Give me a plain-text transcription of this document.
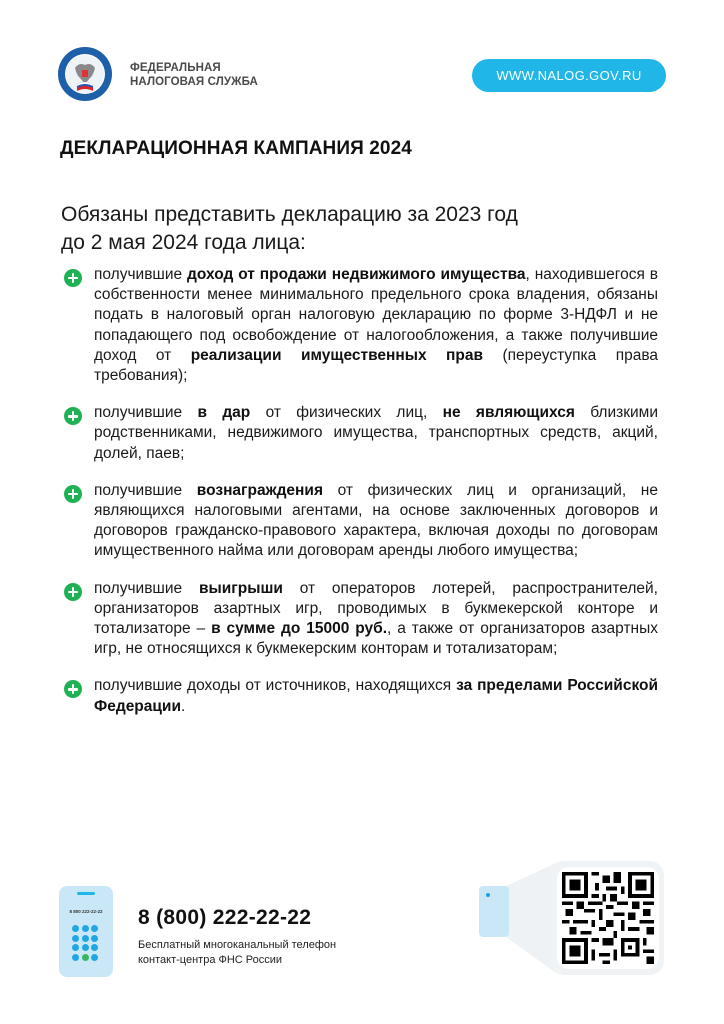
ФЕДЕРАЛЬНАЯ
НАЛОГОВАЯ СЛУЖБА	WWW.NALOG.GOV.RU
ДЕКЛАРАЦИОННАЯ КАМПАНИЯ 2024
Обязаны представить декларацию за 2023 год
до 2 мая 2024 года лица:
получившие доход от продажи недвижимого имущества, находившегося в собственности менее минимального предельного срока владения, обязаны подать в налоговый орган налоговую декларацию по форме 3-НДФЛ и не попадающего под освобождение от налогообложения, а также получившие доход от реализации имущественных прав (переуступка права требования);
получившие в дар от физических лиц, не являющихся близкими родственниками, недвижимого имущества, транспортных средств, акций, долей, паев;
получившие вознаграждения от физических лиц и организаций, не являющихся налоговыми агентами, на основе заключенных договоров и договоров гражданско-правового характера, включая доходы по договорам имущественного найма или договорам аренды любого имущества;
получившие выигрыши от операторов лотерей, распространителей, организаторов азартных игр, проводимых в букмекерской конторе и тотализаторе – в сумме до 15000 руб., а также от организаторов азартных игр, не относящихся к букмекерским конторам и тотализаторам;
получившие доходы от источников, находящихся за пределами Российской Федерации.
8 800 222-22-22	8 (800) 222-22-22
Бесплатный многоканальный телефон
контакт-центра ФНС России
